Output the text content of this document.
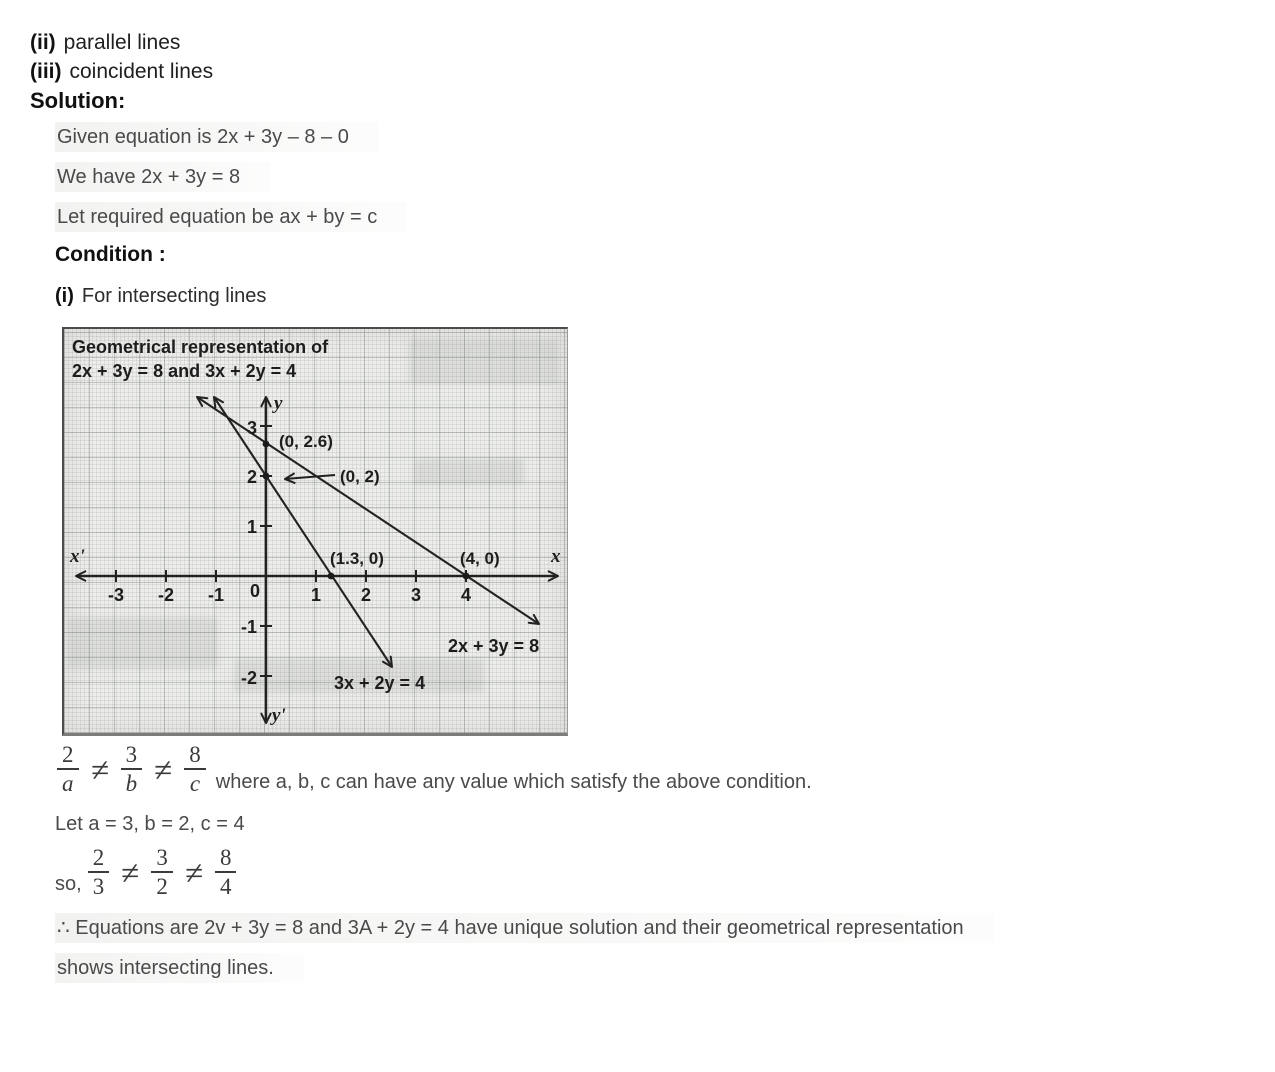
(ii) parallel lines
(iii) coincident lines
Solution:
Given equation is 2x + 3y – 8 – 0
We have 2x + 3y = 8
Let required equation be ax + by = c
Condition :
(i) For intersecting lines
Geometrical representation of
2x + 3y = 8 and 3x + 2y = 4
y
y'
x'	x
-3 -2 -1 0	1 2 3 4
3
2
1
-1
-2
(0, 2.6)
(0, 2)
(1.3, 0)	(4, 0)
2x + 3y = 8
3x + 2y = 4
$\frac{2}{a} \ne \frac{3}{b} \ne \frac{8}{c}$ where a, b, c can have any value which satisfy the above condition.
Let a = 3, b = 2, c = 4
so, $\frac{2}{3} \ne \frac{3}{2} \ne \frac{8}{4}$
∴ Equations are 2v + 3y = 8 and 3A + 2y = 4 have unique solution and their geometrical representation
shows intersecting lines.
